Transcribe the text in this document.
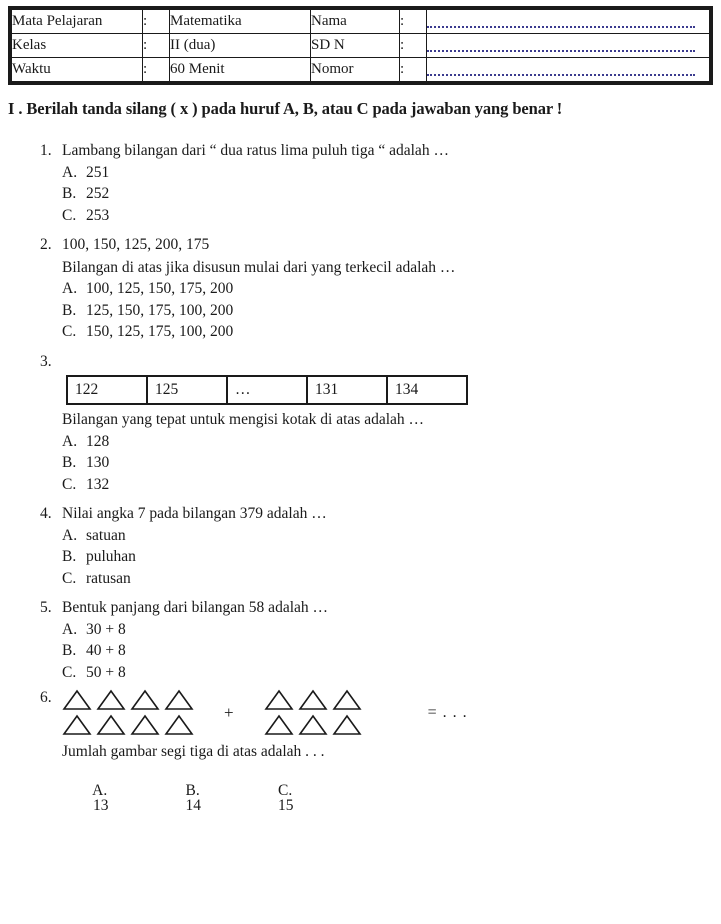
Mata Pelajaran	:	Matematika	Nama	:	

Kelas	:	II (dua)	SD N	:	

Waktu	:	60 Menit	Nomor	:	
I . Berilah tanda silang ( x ) pada huruf A, B, atau C pada jawaban yang benar !
1. Lambang bilangan dari “ dua ratus lima puluh tiga “ adalah …
A. 251
B. 252
C. 253
2. 100, 150, 125, 200, 175
Bilangan di atas jika disusun mulai dari yang terkecil adalah …
A. 100, 125, 150, 175, 200
B. 125, 150, 175, 100, 200
C. 150, 125, 175, 100, 200
3.
122	125	…	131	134
Bilangan yang tepat untuk mengisi kotak di atas adalah …
A. 128
B. 130
C. 132
4. Nilai angka 7 pada bilangan 379 adalah …
A. satuan
B. puluhan
C. ratusan
5. Bentuk panjang dari bilangan 58 adalah …
A. 30 + 8
B. 40 + 8
C. 50 + 8
6.
+	= . . .
Jumlah gambar segi tiga di atas adalah . . .

A.
13

B.
14

C.
15
